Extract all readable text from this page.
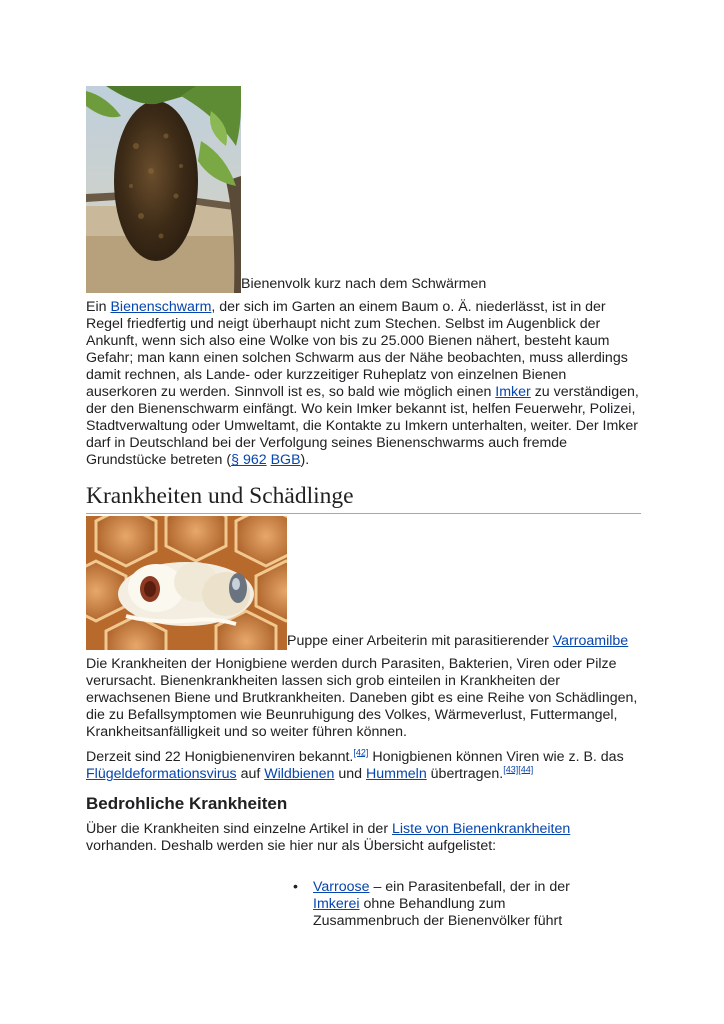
Bienenvolk kurz nach dem Schwärmen

Ein Bienenschwarm, der sich im Garten an einem Baum o. Ä. niederlässt, ist in der Regel friedfertig und neigt überhaupt nicht zum Stechen. Selbst im Augenblick der Ankunft, wenn sich also eine Wolke von bis zu 25.000 Bienen nähert, besteht kaum Gefahr; man kann einen solchen Schwarm aus der Nähe beobachten, muss allerdings damit rechnen, als Lande- oder kurzzeitiger Ruheplatz von einzelnen Bienen auserkoren zu werden. Sinnvoll ist es, so bald wie möglich einen Imker zu verständigen, der den Bienenschwarm einfängt. Wo kein Imker bekannt ist, helfen Feuerwehr, Polizei, Stadtverwaltung oder Umweltamt, die Kontakte zu Imkern unterhalten, weiter. Der Imker darf in Deutschland bei der Verfolgung seines Bienenschwarms auch fremde Grundstücke betreten (§ 962 BGB).

Krankheiten und Schädlinge
Puppe einer Arbeiterin mit parasitierender Varroamilbe

Die Krankheiten der Honigbiene werden durch Parasiten, Bakterien, Viren oder Pilze verursacht. Bienenkrankheiten lassen sich grob einteilen in Krankheiten der erwachsenen Biene und Brutkrankheiten. Daneben gibt es eine Reihe von Schädlingen, die zu Befallsymptomen wie Beunruhigung des Volkes, Wärmeverlust, Futtermangel, Krankheitsanfälligkeit und so weiter führen können.

Derzeit sind 22 Honigbienenviren bekannt.[42] Honigbienen können Viren wie z. B. das Flügeldeformationsvirus auf Wildbienen und Hummeln übertragen.[43][44]

Bedrohliche Krankheiten

Über die Krankheiten sind einzelne Artikel in der Liste von Bienenkrankheiten vorhanden. Deshalb werden sie hier nur als Übersicht aufgelistet:

• Varroose – ein Parasitenbefall, der in der Imkerei ohne Behandlung zum Zusammenbruch der Bienenvölker führt
